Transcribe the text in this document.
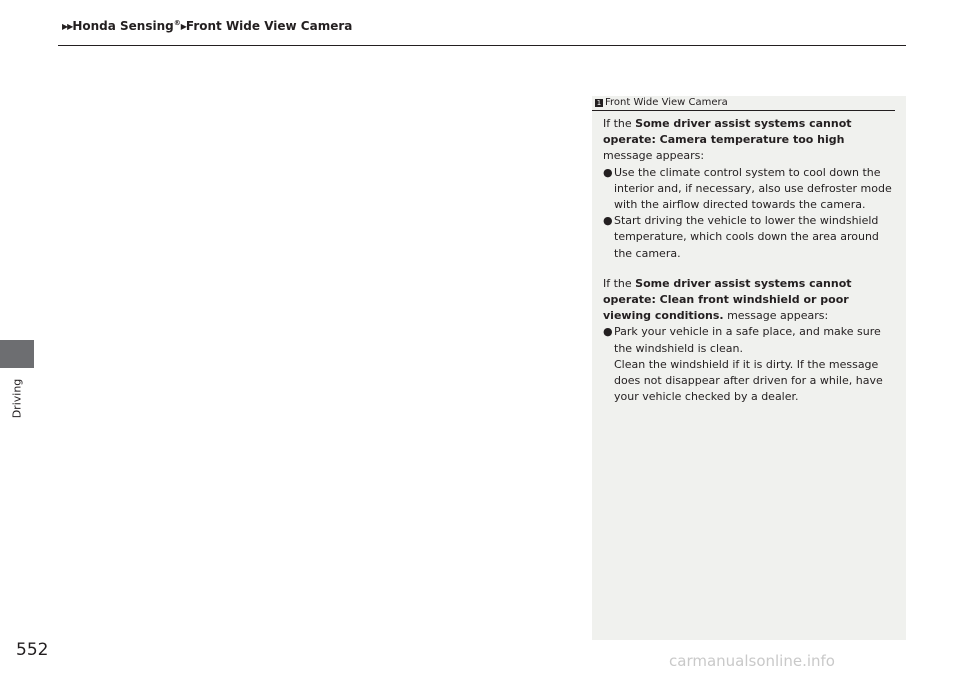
▶▶Honda Sensing®▶Front Wide View Camera
Driving
552
1 Front Wide View Camera

If the Some driver assist systems cannot operate: Camera temperature too high message appears:

● Use the climate control system to cool down the interior and, if necessary, also use defroster mode with the airflow directed towards the camera.
● Start driving the vehicle to lower the windshield temperature, which cools down the area around the camera.

If the Some driver assist systems cannot operate: Clean front windshield or poor viewing conditions. message appears:

● Park your vehicle in a safe place, and make sure the windshield is clean.
Clean the windshield if it is dirty. If the message does not disappear after driven for a while, have your vehicle checked by a dealer.
carmanualsonline.info
